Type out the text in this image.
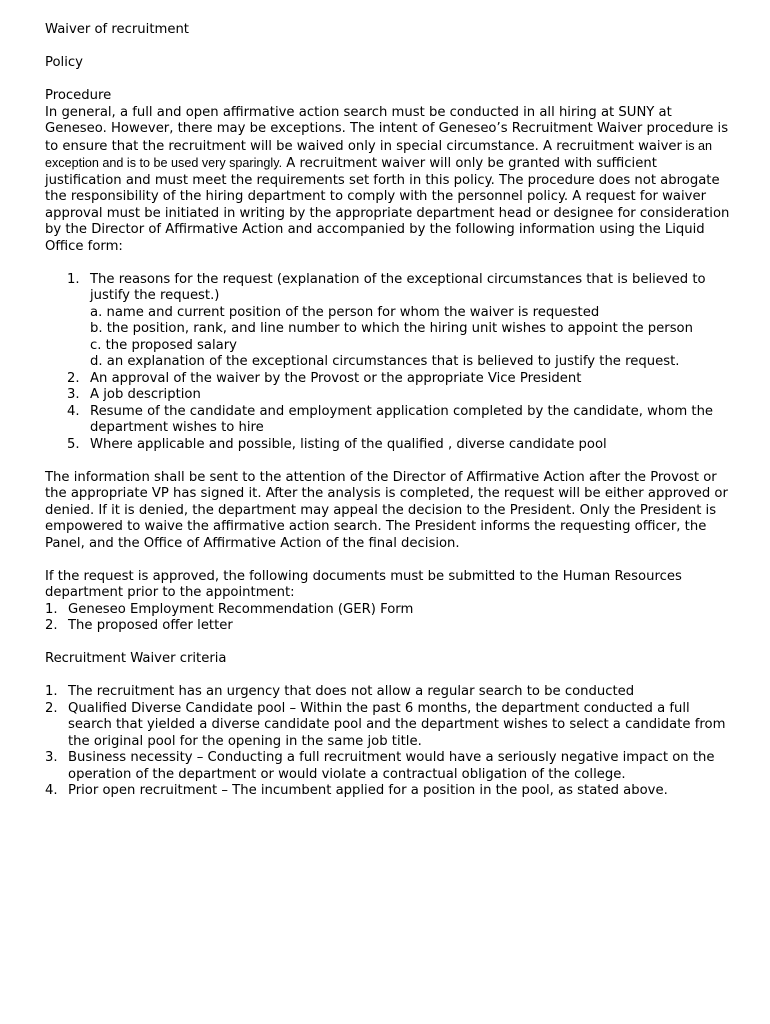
Waiver of recruitment

Policy

Procedure

In general, a full and open affirmative action search must be conducted in all hiring at SUNY at Geneseo. However, there may be exceptions. The intent of Geneseo’s Recruitment Waiver procedure is to ensure that the recruitment will be waived only in special circumstance. A recruitment waiver is an exception and is to be used very sparingly. A recruitment waiver will only be granted with sufficient justification and must meet the requirements set forth in this policy. The procedure does not abrogate the responsibility of the hiring department to comply with the personnel policy. A request for waiver approval must be initiated in writing by the appropriate department head or designee for consideration by the Director of Affirmative Action and accompanied by the following information using the Liquid Office form:

1. The reasons for the request (explanation of the exceptional circumstances that is believed to justify the request.)
a. name and current position of the person for whom the waiver is requested
b. the position, rank, and line number to which the hiring unit wishes to appoint the person
c. the proposed salary
d. an explanation of the exceptional circumstances that is believed to justify the request.
2. An approval of the waiver by the Provost or the appropriate Vice President
3. A job description
4. Resume of the candidate and employment application completed by the candidate, whom the department wishes to hire
5. Where applicable and possible, listing of the qualified , diverse candidate pool

The information shall be sent to the attention of the Director of Affirmative Action after the Provost or the appropriate VP has signed it. After the analysis is completed, the request will be either approved or denied. If it is denied, the department may appeal the decision to the President. Only the President is empowered to waive the affirmative action search. The President informs the requesting officer, the Panel, and the Office of Affirmative Action of the final decision.

If the request is approved, the following documents must be submitted to the Human Resources department prior to the appointment:

1. Geneseo Employment Recommendation (GER) Form
2. The proposed offer letter

Recruitment Waiver criteria

1. The recruitment has an urgency that does not allow a regular search to be conducted
2. Qualified Diverse Candidate pool – Within the past 6 months, the department conducted a full search that yielded a diverse candidate pool and the department wishes to select a candidate from the original pool for the opening in the same job title.
3. Business necessity – Conducting a full recruitment would have a seriously negative impact on the operation of the department or would violate a contractual obligation of the college.
4. Prior open recruitment – The incumbent applied for a position in the pool, as stated above.
